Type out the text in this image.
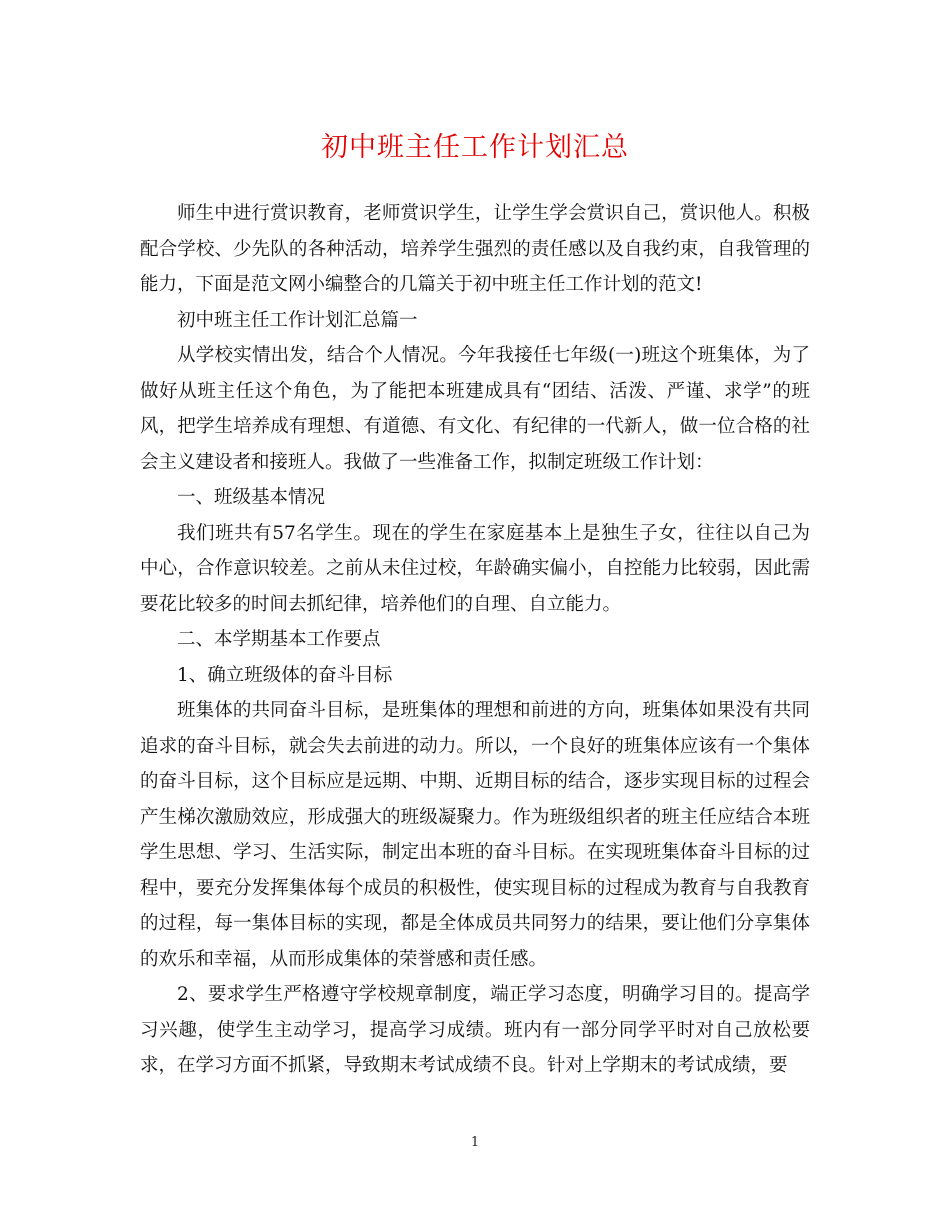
初中班主任工作计划汇总

师生中进行赏识教育，老师赏识学生，让学生学会赏识自己，赏识他人。积极配合学校、少先队的各种活动，培养学生强烈的责任感以及自我约束，自我管理的能力，下面是范文网小编整合的几篇关于初中班主任工作计划的范文!

初中班主任工作计划汇总篇一

从学校实情出发，结合个人情况。今年我接任七年级(一)班这个班集体，为了做好从班主任这个角色，为了能把本班建成具有“团结、活泼、严谨、求学”的班风，把学生培养成有理想、有道德、有文化、有纪律的一代新人，做一位合格的社会主义建设者和接班人。我做了一些准备工作，拟制定班级工作计划：

一、班级基本情况

我们班共有57名学生。现在的学生在家庭基本上是独生子女，往往以自己为中心，合作意识较差。之前从未住过校，年龄确实偏小，自控能力比较弱，因此需要花比较多的时间去抓纪律，培养他们的自理、自立能力。

二、本学期基本工作要点

1、确立班级体的奋斗目标

班集体的共同奋斗目标，是班集体的理想和前进的方向，班集体如果没有共同追求的奋斗目标，就会失去前进的动力。所以，一个良好的班集体应该有一个集体的奋斗目标，这个目标应是远期、中期、近期目标的结合，逐步实现目标的过程会产生梯次激励效应，形成强大的班级凝聚力。作为班级组织者的班主任应结合本班学生思想、学习、生活实际，制定出本班的奋斗目标。在实现班集体奋斗目标的过程中，要充分发挥集体每个成员的积极性，使实现目标的过程成为教育与自我教育的过程，每一集体目标的实现，都是全体成员共同努力的结果，要让他们分享集体的欢乐和幸福，从而形成集体的荣誉感和责任感。

2、要求学生严格遵守学校规章制度，端正学习态度，明确学习目的。提高学习兴趣，使学生主动学习，提高学习成绩。班内有一部分同学平时对自己放松要求，在学习方面不抓紧，导致期末考试成绩不良。针对上学期末的考试成绩，要

1
